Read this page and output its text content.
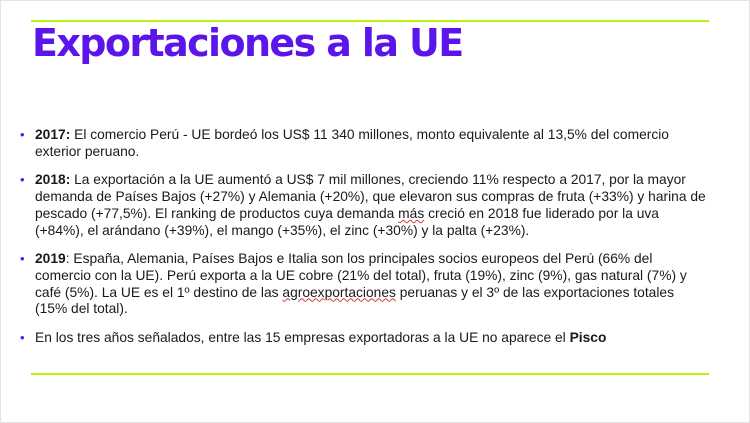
Exportaciones a la UE
• 2017: El comercio Perú - UE bordeó los US$ 11 340 millones, monto equivalente al 13,5% del comercio exterior peruano.
• 2018: La exportación a la UE aumentó a US$ 7 mil millones, creciendo 11% respecto a 2017, por la mayor demanda de Países Bajos (+27%) y Alemania (+20%), que elevaron sus compras de fruta (+33%) y harina de pescado (+77,5%). El ranking de productos cuya demanda más creció en 2018 fue liderado por la uva (+84%), el arándano (+39%), el mango (+35%), el zinc (+30%) y la palta (+23%).
• 2019: España, Alemania, Países Bajos e Italia son los principales socios europeos del Perú (66% del comercio con la UE). Perú exporta a la UE cobre (21% del total), fruta (19%), zinc (9%), gas natural (7%) y café (5%). La UE es el 1º destino de las agroexportaciones peruanas y el 3º de las exportaciones totales (15% del total).
• En los tres años señalados, entre las 15 empresas exportadoras a la UE no aparece el Pisco
